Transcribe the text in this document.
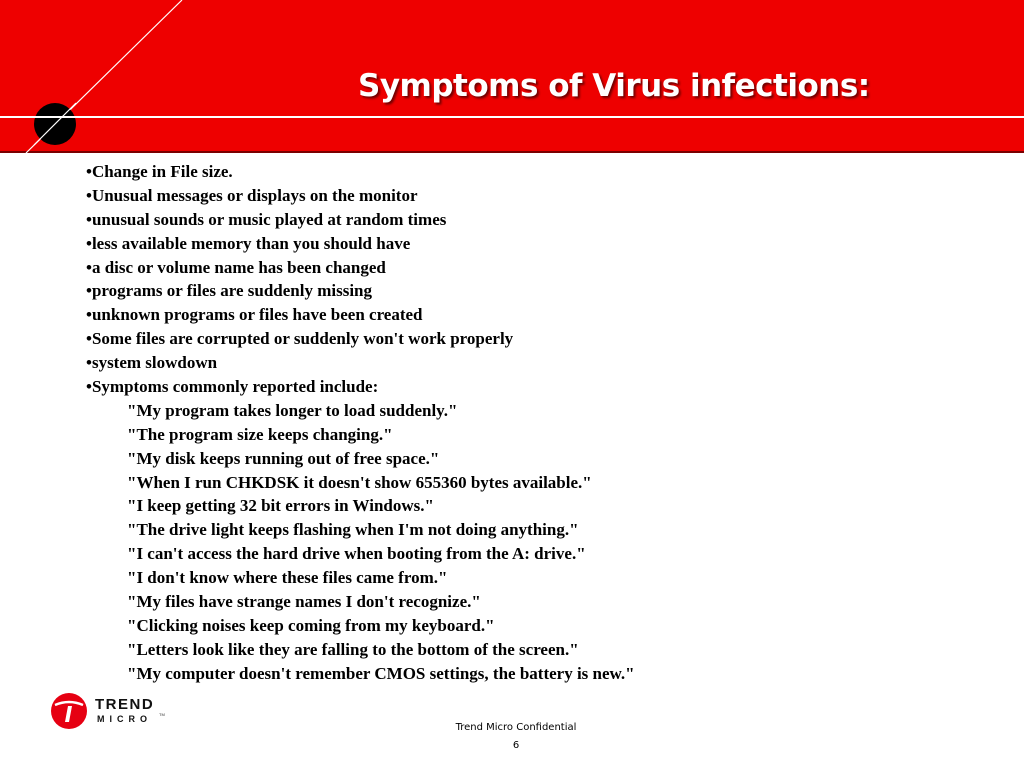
Symptoms of Virus infections:
•Change in File size.
•Unusual messages or displays on the monitor
•unusual sounds or music played at random times
•less available memory than you should have
•a disc or volume name has been changed
•programs or files are suddenly missing
•unknown programs or files have been created
•Some files are corrupted or suddenly won't work properly
•system slowdown
•Symptoms commonly reported include:
"My program takes longer to load suddenly."
"The program size keeps changing."
"My disk keeps running out of free space."
"When I run CHKDSK it doesn't show 655360 bytes available."
"I keep getting 32 bit errors in Windows."
"The drive light keeps flashing when I'm not doing anything."
"I can't access the hard drive when booting from the A: drive."
"I don't know where these files came from."
"My files have strange names I don't recognize."
"Clicking noises keep coming from my keyboard."
"Letters look like they are falling to the bottom of the screen."
"My computer doesn't remember CMOS settings, the battery is new."
TREND
MICRO TM
Trend Micro Confidential
6
